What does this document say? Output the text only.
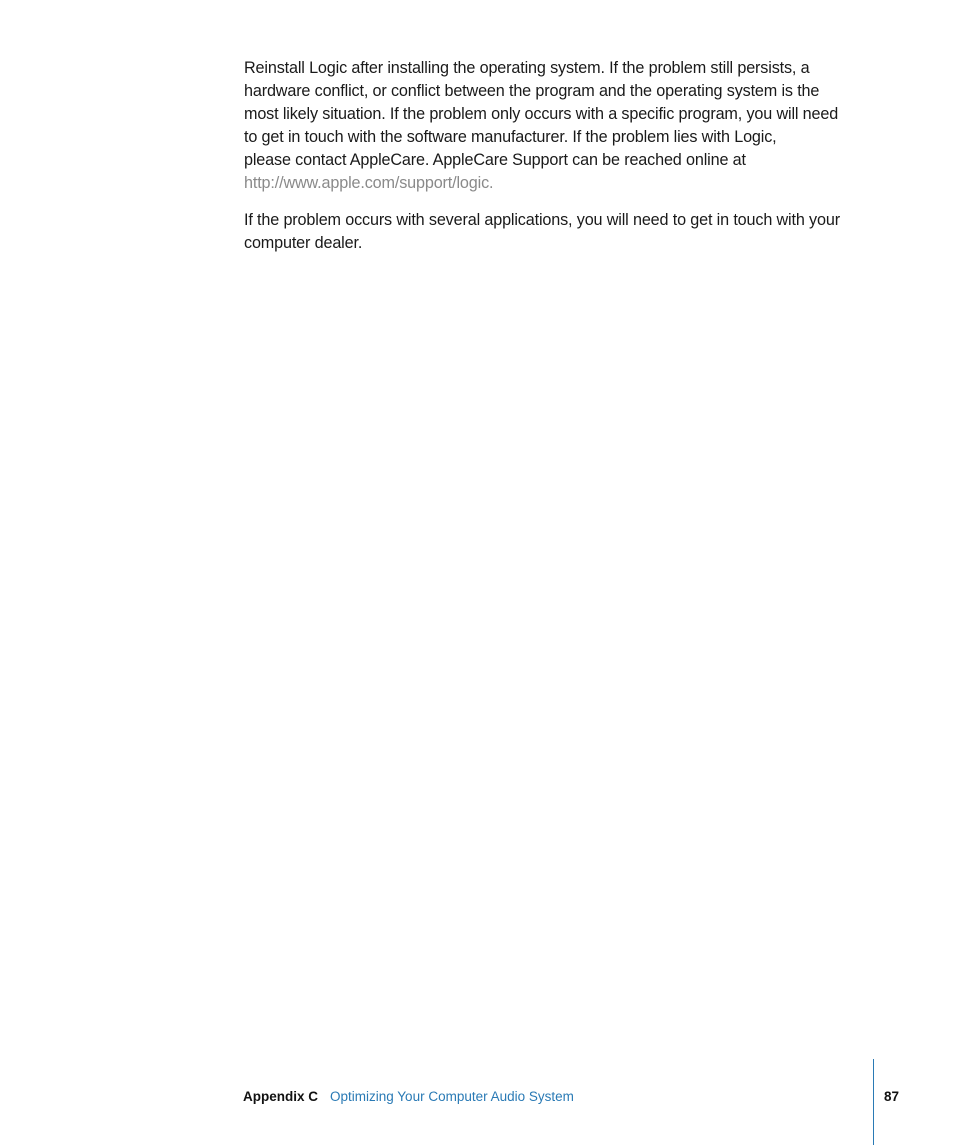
Reinstall Logic after installing the operating system. If the problem still persists, a
hardware conflict, or conflict between the program and the operating system is the
most likely situation. If the problem only occurs with a specific program, you will need
to get in touch with the software manufacturer. If the problem lies with Logic,
please contact AppleCare. AppleCare Support can be reached online at
http://www.apple.com/support/logic.

If the problem occurs with several applications, you will need to get in touch with your
computer dealer.

Appendix C Optimizing Your Computer Audio System	87
